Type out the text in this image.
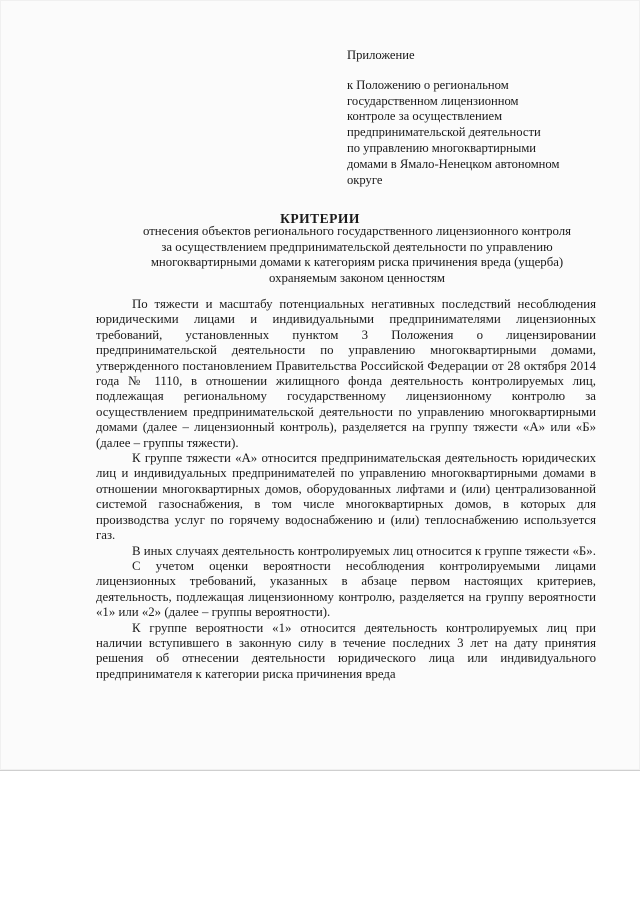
Приложение
к Положению о региональном
государственном лицензионном
контроле за осуществлением
предпринимательской деятельности
по управлению многоквартирными
домами в Ямало-Ненецком автономном
округе
КРИТЕРИИ
отнесения объектов регионального государственного лицензионного контроля
за осуществлением предпринимательской деятельности по управлению
многоквартирными домами к категориям риска причинения вреда (ущерба)
охраняемым законом ценностям

По тяжести и масштабу потенциальных негативных последствий несоблюдения юридическими лицами и индивидуальными предпринимателями лицензионных требований, установленных пунктом 3 Положения о лицензировании предпринимательской деятельности по управлению многоквартирными домами, утвержденного постановлением Правительства Российской Федерации от 28 октября 2014 года № 1110, в отношении жилищного фонда деятельность контролируемых лиц, подлежащая региональному государственному лицензионному контролю за осуществлением предпринимательской деятельности по управлению многоквартирными домами (далее – лицензионный контроль), разделяется на группу тяжести «А» или «Б» (далее – группы тяжести).

К группе тяжести «А» относится предпринимательская деятельность юридических лиц и индивидуальных предпринимателей по управлению многоквартирными домами в отношении многоквартирных домов, оборудованных лифтами и (или) централизованной системой газоснабжения, в том числе многоквартирных домов, в которых для производства услуг по горячему водоснабжению и (или) теплоснабжению используется газ.

В иных случаях деятельность контролируемых лиц относится к группе тяжести «Б».

С учетом оценки вероятности несоблюдения контролируемыми лицами лицензионных требований, указанных в абзаце первом настоящих критериев, деятельность, подлежащая лицензионному контролю, разделяется на группу вероятности «1» или «2» (далее – группы вероятности).

К группе вероятности «1» относится деятельность контролируемых лиц при наличии вступившего в законную силу в течение последних 3 лет на дату принятия решения об отнесении деятельности юридического лица или индивидуального предпринимателя к категории риска причинения вреда
